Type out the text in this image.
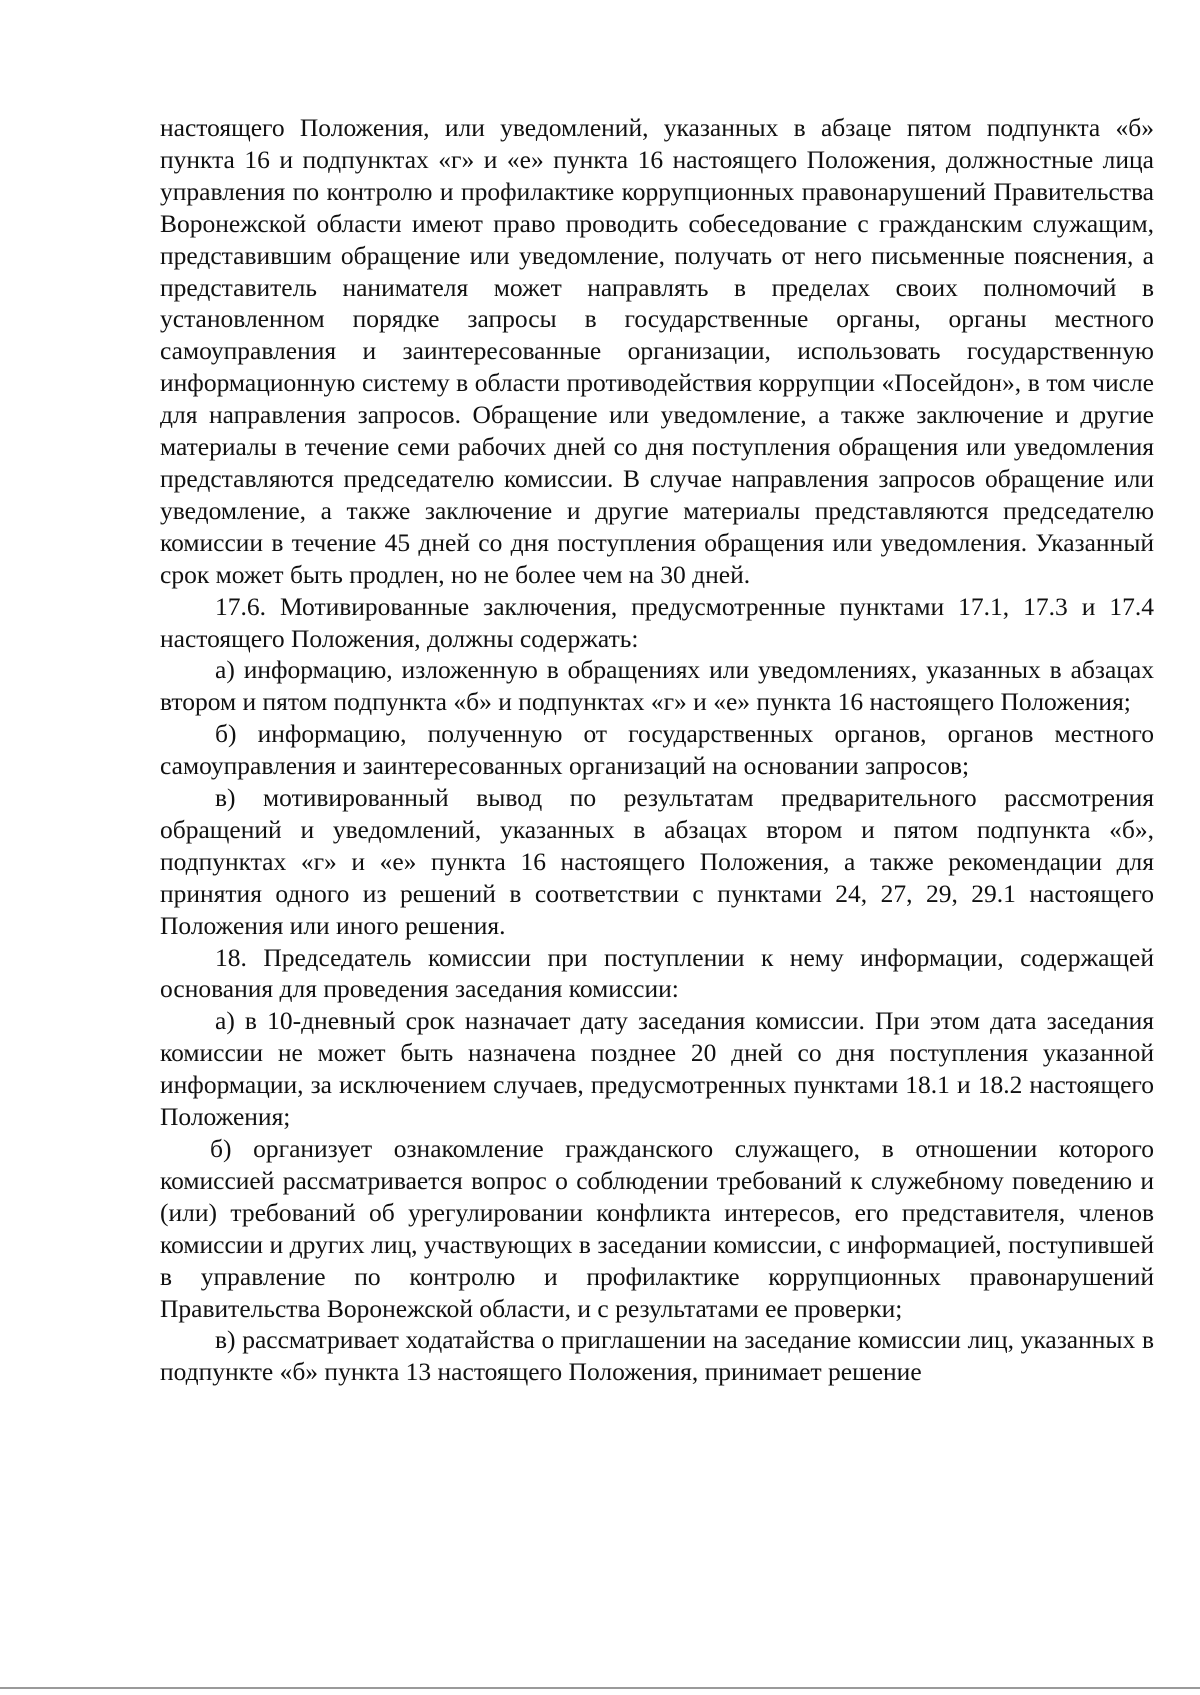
настоящего Положения, или уведомлений, указанных в абзаце пятом подпункта «б» пункта 16 и подпунктах «г» и «е» пункта 16 настоящего Положения, должностные лица управления по контролю и профилактике коррупционных правонарушений Правительства Воронежской области имеют право проводить собеседование с гражданским служащим, представившим обращение или уведомление, получать от него письменные пояснения, а представитель нанимателя может направлять в пределах своих полномочий в установленном порядке запросы в государственные органы, органы местного самоуправления и заинтересованные организации, использовать государственную информационную систему в области противодействия коррупции «Посейдон», в том числе для направления запросов. Обращение или уведомление, а также заключение и другие материалы в течение семи рабочих дней со дня поступления обращения или уведомления представляются председателю комиссии. В случае направления запросов обращение или уведомление, а также заключение и другие материалы представляются председателю комиссии в течение 45 дней со дня поступления обращения или уведомления. Указанный срок может быть продлен, но не более чем на 30 дней.

17.6. Мотивированные заключения, предусмотренные пунктами 17.1, 17.3 и 17.4 настоящего Положения, должны содержать:

а) информацию, изложенную в обращениях или уведомлениях, указанных в абзацах втором и пятом подпункта «б» и подпунктах «г» и «е» пункта 16 настоящего Положения;

б) информацию, полученную от государственных органов, органов местного самоуправления и заинтересованных организаций на основании запросов;

в) мотивированный вывод по результатам предварительного рассмотрения обращений и уведомлений, указанных в абзацах втором и пятом подпункта «б», подпунктах «г» и «е» пункта 16 настоящего Положения, а также рекомендации для принятия одного из решений в соответствии с пунктами 24, 27, 29, 29.1 настоящего Положения или иного решения.

18. Председатель комиссии при поступлении к нему информации, содержащей основания для проведения заседания комиссии:

а) в 10-дневный срок назначает дату заседания комиссии. При этом дата заседания комиссии не может быть назначена позднее 20 дней со дня поступления указанной информации, за исключением случаев, предусмотренных пунктами 18.1 и 18.2 настоящего Положения;

б) организует ознакомление гражданского служащего, в отношении которого комиссией рассматривается вопрос о соблюдении требований к служебному поведению и (или) требований об урегулировании конфликта интересов, его представителя, членов комиссии и других лиц, участвующих в заседании комиссии, с информацией, поступившей в управление по контролю и профилактике коррупционных правонарушений Правительства Воронежской области, и с результатами ее проверки;

в) рассматривает ходатайства о приглашении на заседание комиссии лиц, указанных в подпункте «б» пункта 13 настоящего Положения, принимает решение
